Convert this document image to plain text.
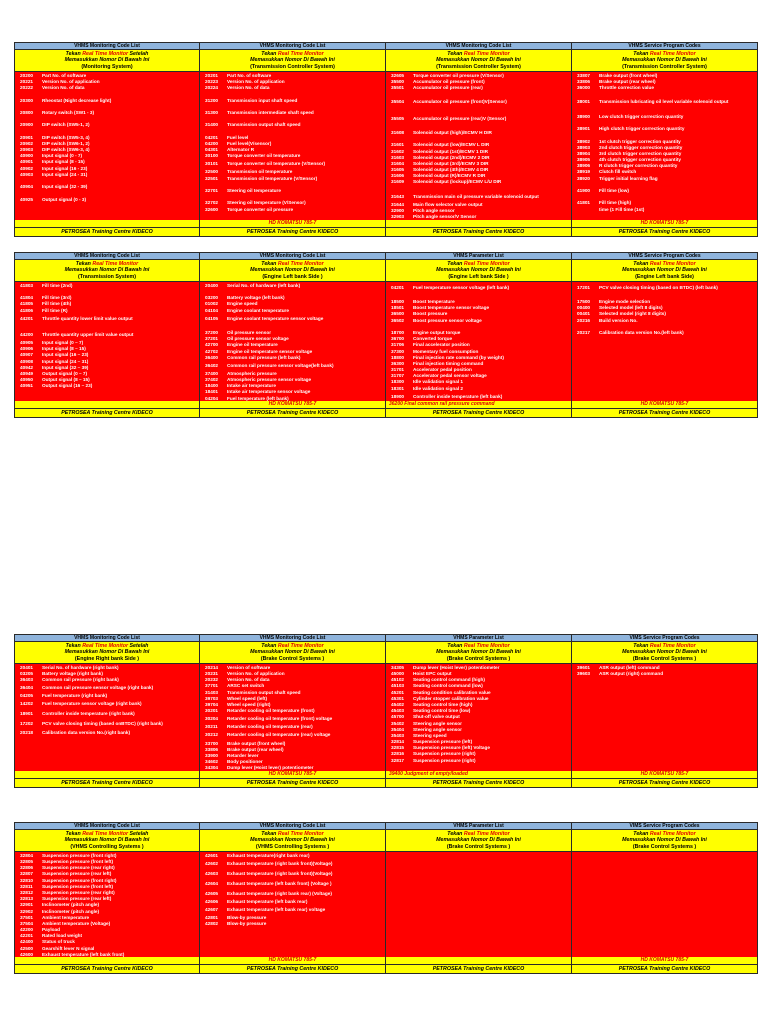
VHMS Monitoring Code List
Tekan Real Time Monitor Setelah
Memasukkan Nomor Di Bawah Ini
(Monitoring System)
20200	Part No. of software
20221	Version No. of application
20222	Version No. of data
20300	Rheostat (Night decrease light)
20800	Rotary switch (SW1 - 3)
20900	DIP switch (SW5-1, 2)
20901	DIP switch (SW5-3, 4)
20902	DIP switch (SW6-1, 2)
20903	DIP switch (SW6-3, 4)
40900	Input signal (0 - 7)
40901	Input signal (8 - 15)
40902	Input signal (16 - 23)
40903	Input signal (24 - 31)
40904	Input signal (32 - 39)
40925	Output signal (0 - 3)
PETROSEA Training Centre KIDECO
VHMS Monitoring Code List
Tekan Real Time Monitor
Memasukkan Nomor Di Bawah Ini
(Transmission Controller System)
20201	Part No. of software
20223	Version No. of application
20224	Version No. of data
31200	Transmission input shaft speed
31300	Transmission intermediate shaft speed
31400	Transmission output shaft speed
04201	Fuel level
04200	Fuel level(V/sensor)
04301	Alternator R
30100	Torque converter oil temperature
30101	Torque converter oil temperature (V/Sensor)
32500	Transmission oil temperature
32501	Transmission oil temperature (V/Sensor)
32701	Steering oil temperature
32702	Steering oil temperature (V/Sensor)
32600	Torque converter oil pressure
HD KOMATSU 785-7
PETROSEA Training Centre KIDECO
VHMS Monitoring Code List
Tekan Real Time Monitor
Memasukkan Nomor Di Bawah Ini
(Transmission Controller System)
32605	Torque converter oil pressure (V/Sensor)
35500	Accumulator oil pressure (front)
35501	Accumulator oil pressure (rear)
35504	Accumulator oil pressure (front)V(Sensor)
35505	Accumulator oil pressure (rear)V (Sensor)
31608	Solenoid output (high)/ECMV H DIR
31601	Solenoid output (low)/ECMV L DIR
31602	Solenoid output (1st)/ECMV 1 DIR
31603	Solenoid output (2nd)/ECMV 2 DIR
31604	Solenoid output (3rd)/ECMV 3 DIR
31605	Solenoid output (4th)/ECMV 4 DIR
31606	Solenoid output (R)/ECMV R DIR
31609	Solenoid output (lockup)/ECMV L/U DIR
31643	Transmission main oil pressure variable solenoid output
31644	Main flow selector valve output
32900	Pitch angle sensor
32903	Pitch angle sensor/V Sensor
PETROSEA Training Centre KIDECO
VHMS Service Program Codes
Tekan Real Time Monitor
Memasukkan Nomor Di Bawah Ini
(Transmission Controller System)
33807	Brake output (front wheel)
33806	Brake output (rear wheel)
36000	Throttle correction value
38001	Transmission lubricating oil level variable solenoid output
38900	Low clutch trigger correction quantity
38901	High clutch trigger correction quantity
38902	1st clutch trigger correction quantity
38903	2nd clutch trigger correction quantity
38904	3rd clutch trigger correction quantity
38905	4th clutch trigger correction quantity
38906	R clutch trigger correction quantity
38919	Clutch fill switch
38920	Trigger initial learning flag
41900	Fill time (low)
41801	Fill time (high)
time (1 Fill time (1st)
HD KOMATSU 785-7
PETROSEA Training Centre KIDECO
VHMS Monitoring Code List
Tekan Real Time Monitor
Memasukkan Nomor Di Bawah Ini
(Transmission System)
41803	Fill time (2nd)
41804	Fill time (3rd)
41805	Fill time (4th)
41806	Fill time (R)
44201	Throttle quantity lower limit value output
44200	Throttle quantity upper limit value output
40905	Input signal (0 – 7)
40906	Input signal (8 – 15)
40907	Input signal (16 – 23)
40908	Input signal (24 – 31)
40942	Input signal (32 – 39)
40949	Output signal (0 – 7)
40950	Output signal (8 – 15)
40951	Output signal (16 – 23)
PETROSEA Training Centre KIDECO
VHMS Monitoring Code List
Tekan Real Time Monitor
Memasukkan Nomor Di Bawah Ini
(Engine Left bank Side )
20400	Serial No. of hardware (left bank)
03200	Battery voltage (left bank)
01002	Engine speed
04104	Engine coolant temperature
04105	Engine coolant temperature sensor voltage
37200	Oil pressure sensor
37201	Oil pressure sensor voltage
42700	Engine oil temperature
42702	Engine oil temperature sensor voltage
36400	Common rail pressure (left bank)
36402	Common rail pressure sensor voltage(left bank)
37400	Atmospheric pressure
37402	Atmospheric pressure sensor voltage
18400	Intake air temperature
18401	Intake air temperature sensor voltage
04204	Fuel temperature (left bank)
HD KOMATSU 785-7
PETROSEA Training Centre KIDECO
VHMS Parameter List
Tekan Real Time Monitor
Memasukkan Nomor Di Bawah Ini
(Engine Left bank Side )
04201	Fuel temperature sensor voltage (left bank)
18500	Boost temperature
18501	Boost temperature sensor voltage
36500	Boost pressure
36502	Boost pressure sensor voltage
18700	Engine output torque
36700	Converted torque
31706	Final accelerator position
37300	Momentary fuel consumption
18800	Final injection rate command (by weight)
36300	Final injection timing command
31701	Accelerator pedal position
31707	Accelerator pedal sensor voltage
18300	Idle validation signal 1
18301	Idle validation signal 2
18900	Controller inside temperature (left bank)
36200 Final common rail pressure command
PETROSEA Training Centre KIDECO
VHMS Service Program Codes
Tekan Real Time Monitor
Memasukkan Nomor Di Bawah Ini
(Engine Left bank Side)
17201	PCV valve closing timing (based on BTDC) (left bank)
17500	Engine mode selection
00400	Selected model (left 8 digits)
00401	Selected model (right 8 digits)
20216	Build version No.
20217	Calibration data version No.(left bank)
HD KOMATSU 785-7
PETROSEA Training Centre KIDECO
VHMS Monitoring Code List
Tekan Real Time Monitor Setelah
Memasukkan Nomor Di Bawah Ini
(Engine Right bank Side )
20401	Serial No. of hardware (right bank)
03205	Battery voltage (right bank)
36403	Common rail pressure (right bank)
36404	Common rail pressure sensor voltage (right bank)
04205	Fuel temperature (right bank)
14202	Fuel temperature sensor voltage (right bank)
18901	Controller inside temperature (right bank)
17202	PCV valve closing timing (based onBTDC) (right bank)
20218	Calibration data version No.(right bank)
PETROSEA Training Centre KIDECO
VHMS Monitoring Code List
Tekan Real Time Monitor
Memasukkan Nomor Di Bawah Ini
(Brake Control Systems )
20214	Version of software
20231	Version No. of application
20232	Version No. of data
37701	ARSC set switch
31403	Transmission output shaft speed
39703	Wheel speed (left)
39704	Wheel speed (right)
30201	Retarder cooling oil temperature (front)
30204	Retarder cooling oil temperature (front) voltage
30211	Retarder cooling oil temperature (rear)
30212	Retarder cooling oil temperature (rear) voltage
33700	Brake output (front wheel)
33806	Brake output (rear wheel)
33900	Retarder lever
34602	Body positioner
34304	Dump lever (Hoist lever) potentiometer
HD KOMATSU 785-7
PETROSEA Training Centre KIDECO
VHMS Parameter List
Tekan Real Time Monitor
Memasukkan Nomor Di Bawah Ini
(Brake Control Systems )
34305	Dump lever (Hoist lever) potentiometer
45000	Hoist EPC output
45102	Seating control command (high)
45103	Seating control command (low)
45201	Seating condition calibration value
45301	Cylinder stopper calibration value
45402	Seating control time (high)
45403	Seating control time (low)
45700	Shut-off valve output
35402	Steering angle sensor
35404	Steering angle sensor
35403	Steering speed
32814	Suspension pressure (left)
32815	Suspension pressure (left) Voltage
32816	Suspension pressure (right)
32817	Suspension pressure (right)
39400 Judgment of empty/loaded
PETROSEA Training Centre KIDECO
VIMS Service Program Codes
Tekan Real Time Monitor
Memasukkan Nomor Di Bawah Ini
(Brake Control Systems )
39601	ASR output (left) command
39603	ASR output (right) command
HD KOMATSU 785-7
PETROSEA Training Centre KIDECO
VHMS Monitoring Code List
Tekan Real Time Monitor Setelah
Memasukkan Nomor Di Bawah Ini
(VHMS Controlling Systems )
32804	Suspension pressure (front right)
32805	Suspension pressure (front left)
32806	Suspension pressure (rear right)
32807	Suspension pressure (rear left)
32810	Suspension pressure (front right)
32811	Suspension pressure (front left)
32812	Suspension pressure (rear right)
32813	Suspension pressure (rear left)
32901	Inclinometer (pitch angle)
32902	Inclinometer (pitch angle)
37501	Ambient temperature
37504	Ambient temperature (Voltage)
42200	Payload
42201	Rated load weight
42400	Status of truck
42500	Gearshift lever N signal
42600	Exhaust temperature (left bank front)
PETROSEA Training Centre KIDECO
VHMS Monitoring Code List
Tekan Real Time Monitor
Memasukkan Nomor Di Bawah Ini
(VHMS Controlling Systems )
42601	Exhaust temperature(right bank rear)
42602	Exhaust temperature (right bank front)(Voltage)
42603	Exhaust temperature (right bank front)(Voltage)
42604	Exhaust temperature (left bank front) (Voltage )
42605	Exhaust temperature (right bank rear) (Voltage)
42606	Exhaust temperature (left bank rear)
42607	Exhaust temperature (left bank rear) voltage
42801	Blow-by pressure
42802	Blow-by pressure
HD KOMATSU 785-7
PETROSEA Training Centre KIDECO
VHMS Parameter List
Tekan Real Time Monitor
Memasukkan Nomor Di Bawah Ini
(Brake Control Systems )
PETROSEA Training Centre KIDECO
VIMS Service Program Codes
Tekan Real Time Monitor
Memasukkan Nomor Di Bawah Ini
(Brake Control Systems )
HD KOMATSU 785-7
PETROSEA Training Centre KIDECO
